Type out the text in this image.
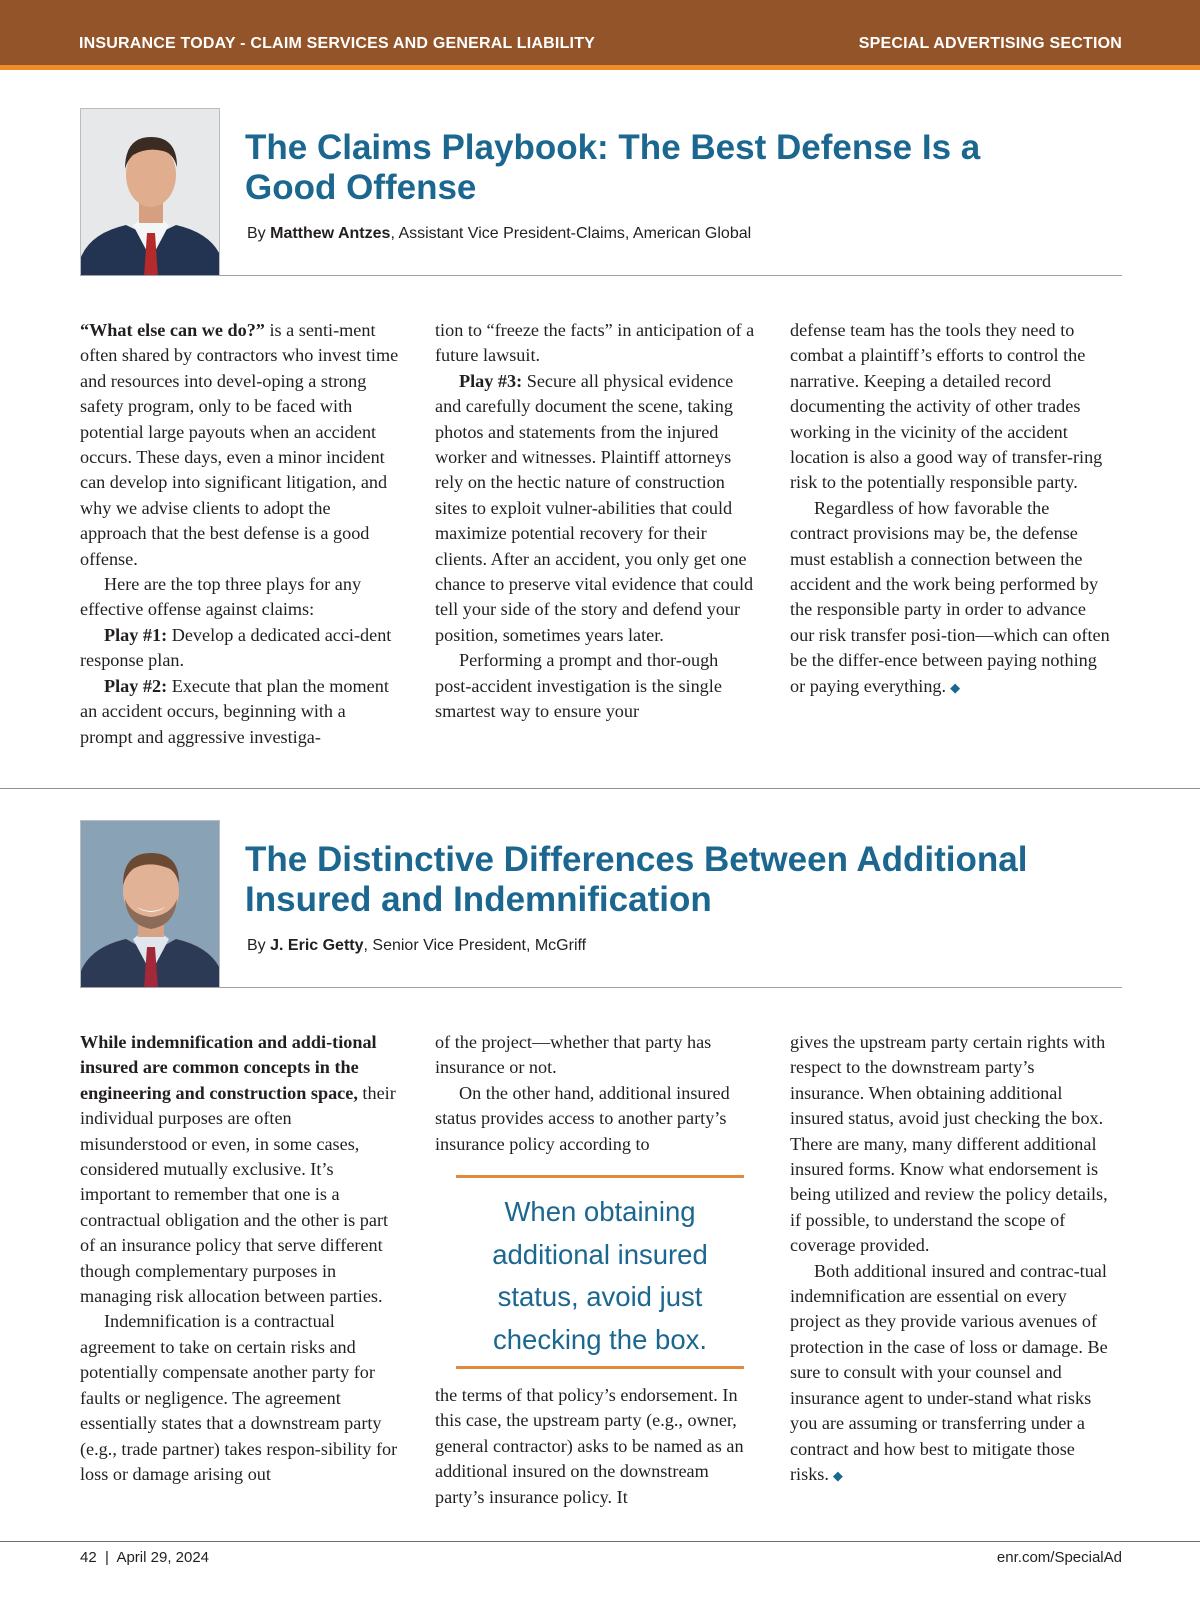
INSURANCE TODAY - CLAIM SERVICES AND GENERAL LIABILITY	SPECIAL ADVERTISING SECTION
The Claims Playbook: The Best Defense Is a
Good Offense
By Matthew Antzes, Assistant Vice President-Claims, American Global

“What else can we do?” is a senti-ment often shared by contractors who invest time and resources into devel-oping a strong safety program, only to be faced with potential large payouts when an accident occurs. These days, even a minor incident can develop into significant litigation, and why we advise clients to adopt the approach that the best defense is a good offense.

Here are the top three plays for any effective offense against claims:

Play #1: Develop a dedicated acci-dent response plan.

Play #2: Execute that plan the moment an accident occurs, beginning with a prompt and aggressive investiga-

tion to “freeze the facts” in anticipation of a future lawsuit.

Play #3: Secure all physical evidence and carefully document the scene, taking photos and statements from the injured worker and witnesses. Plaintiff attorneys rely on the hectic nature of construction sites to exploit vulner-abilities that could maximize potential recovery for their clients. After an accident, you only get one chance to preserve vital evidence that could tell your side of the story and defend your position, sometimes years later.

Performing a prompt and thor-ough post-accident investigation is the single smartest way to ensure your

defense team has the tools they need to combat a plaintiff’s efforts to control the narrative. Keeping a detailed record documenting the activity of other trades working in the vicinity of the accident location is also a good way of transfer-ring risk to the potentially responsible party.

Regardless of how favorable the contract provisions may be, the defense must establish a connection between the accident and the work being performed by the responsible party in order to advance our risk transfer posi-tion—which can often be the differ-ence between paying nothing or paying everything. ◆

The Distinctive Differences Between Additional
Insured and Indemnification
By J. Eric Getty, Senior Vice President, McGriff

While indemnification and addi-tional insured are common concepts in the engineering and construction space, their individual purposes are often misunderstood or even, in some cases, considered mutually exclusive. It’s important to remember that one is a contractual obligation and the other is part of an insurance policy that serve different though complementary purposes in managing risk allocation between parties.

Indemnification is a contractual agreement to take on certain risks and potentially compensate another party for faults or negligence. The agreement essentially states that a downstream party (e.g., trade partner) takes respon-sibility for loss or damage arising out

of the project—whether that party has insurance or not.

On the other hand, additional insured status provides access to another party’s insurance policy according to

When obtaining
additional insured
status, avoid just
checking the box.

the terms of that policy’s endorsement. In this case, the upstream party (e.g., owner, general contractor) asks to be named as an additional insured on the downstream party’s insurance policy. It

gives the upstream party certain rights with respect to the downstream party’s insurance. When obtaining additional insured status, avoid just checking the box. There are many, many different additional insured forms. Know what endorsement is being utilized and review the policy details, if possible, to understand the scope of coverage provided.

Both additional insured and contrac-tual indemnification are essential on every project as they provide various avenues of protection in the case of loss or damage. Be sure to consult with your counsel and insurance agent to under-stand what risks you are assuming or transferring under a contract and how best to mitigate those risks. ◆

42 | April 29, 2024	enr.com/SpecialAd
